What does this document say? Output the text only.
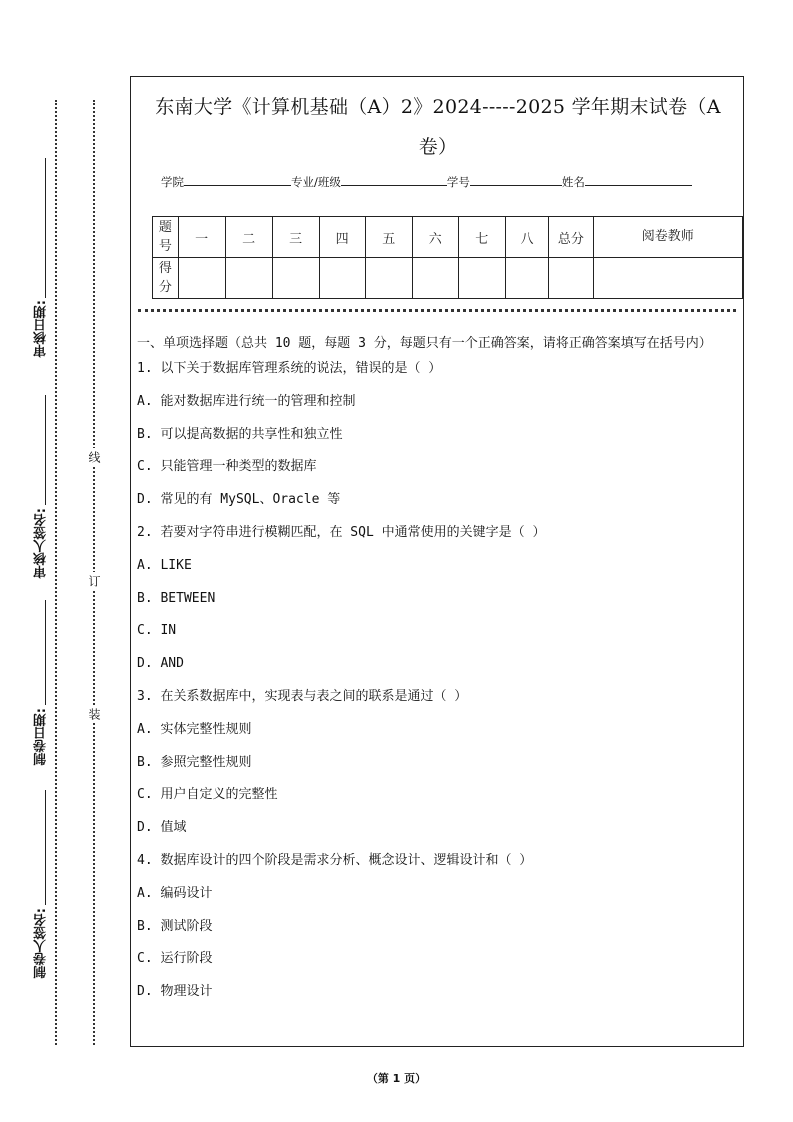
审核日期:
审核人签名:
制卷日期:
制卷人签名:
线
订
装
东南大学《计算机基础（A）2》2024-----2025 学年期末试卷（A
卷）
学院	专业/班级	学号	姓名
题号	一	二	三	四	五	六	七	八	总分	阅卷教师
得分										
一、单项选择题（总共 10 题，每题 3 分，每题只有一个正确答案，请将正确答案填写在括号内）
1. 以下关于数据库管理系统的说法，错误的是（ ）
A. 能对数据库进行统一的管理和控制
B. 可以提高数据的共享性和独立性
C. 只能管理一种类型的数据库
D. 常见的有 MySQL、Oracle 等
2. 若要对字符串进行模糊匹配，在 SQL 中通常使用的关键字是（ ）
A. LIKE
B. BETWEEN
C. IN
D. AND
3. 在关系数据库中，实现表与表之间的联系是通过（ ）
A. 实体完整性规则
B. 参照完整性规则
C. 用户自定义的完整性
D. 值域
4. 数据库设计的四个阶段是需求分析、概念设计、逻辑设计和（ ）
A. 编码设计
B. 测试阶段
C. 运行阶段
D. 物理设计
（第 1 页）
